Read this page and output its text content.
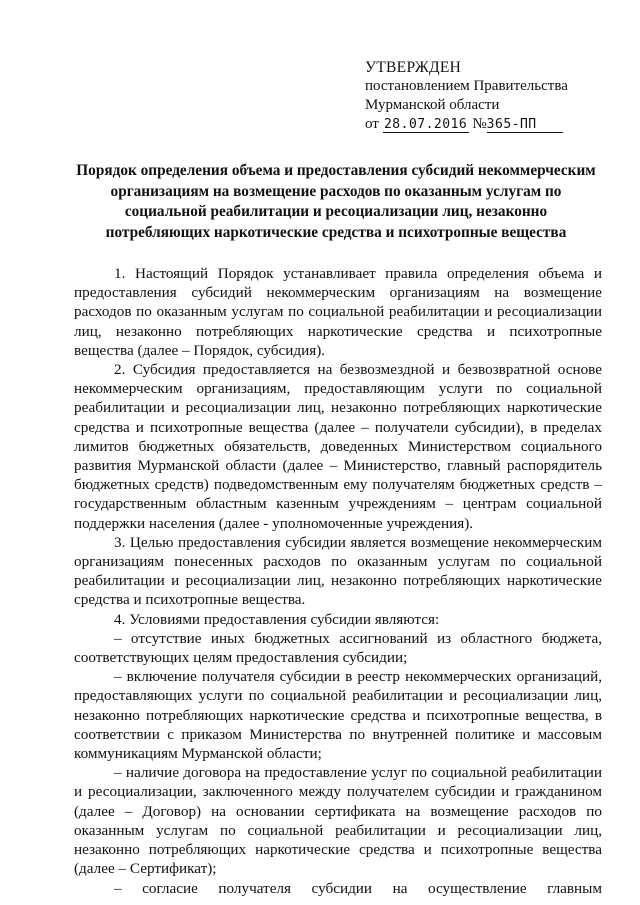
УТВЕРЖДЕН
постановлением Правительства
Мурманской области
от 28.07.2016 №365-ПП
Порядок определения объема и предоставления субсидий некоммерческим организациям на возмещение расходов по оказанным услугам по социальной реабилитации и ресоциализации лиц, незаконно потребляющих наркотические средства и психотропные вещества

1. Настоящий Порядок устанавливает правила определения объема и предоставления субсидий некоммерческим организациям на возмещение расходов по оказанным услугам по социальной реабилитации и ресоциализации лиц, незаконно потребляющих наркотические средства и психотропные вещества (далее – Порядок, субсидия).

2. Субсидия предоставляется на безвозмездной и безвозвратной основе некоммерческим организациям, предоставляющим услуги по социальной реабилитации и ресоциализации лиц, незаконно потребляющих наркотические средства и психотропные вещества (далее – получатели субсидии), в пределах лимитов бюджетных обязательств, доведенных Министерством социального развития Мурманской области (далее – Министерство, главный распорядитель бюджетных средств) подведомственным ему получателям бюджетных средств – государственным областным казенным учреждениям – центрам социальной поддержки населения (далее - уполномоченные учреждения).

3. Целью предоставления субсидии является возмещение некоммерческим организациям понесенных расходов по оказанным услугам по социальной реабилитации и ресоциализации лиц, незаконно потребляющих наркотические средства и психотропные вещества.

4. Условиями предоставления субсидии являются:

– отсутствие иных бюджетных ассигнований из областного бюджета, соответствующих целям предоставления субсидии;

– включение получателя субсидии в реестр некоммерческих организаций, предоставляющих услуги по социальной реабилитации и ресоциализации лиц, незаконно потребляющих наркотические средства и психотропные вещества, в соответствии с приказом Министерства по внутренней политике и массовым коммуникациям Мурманской области;

– наличие договора на предоставление услуг по социальной реабилитации и ресоциализации, заключенного между получателем субсидии и гражданином (далее – Договор) на основании сертификата на возмещение расходов по оказанным услугам по социальной реабилитации и ресоциализации лиц, незаконно потребляющих наркотические средства и психотропные вещества (далее – Сертификат);

– согласие получателя субсидии на осуществление главным
